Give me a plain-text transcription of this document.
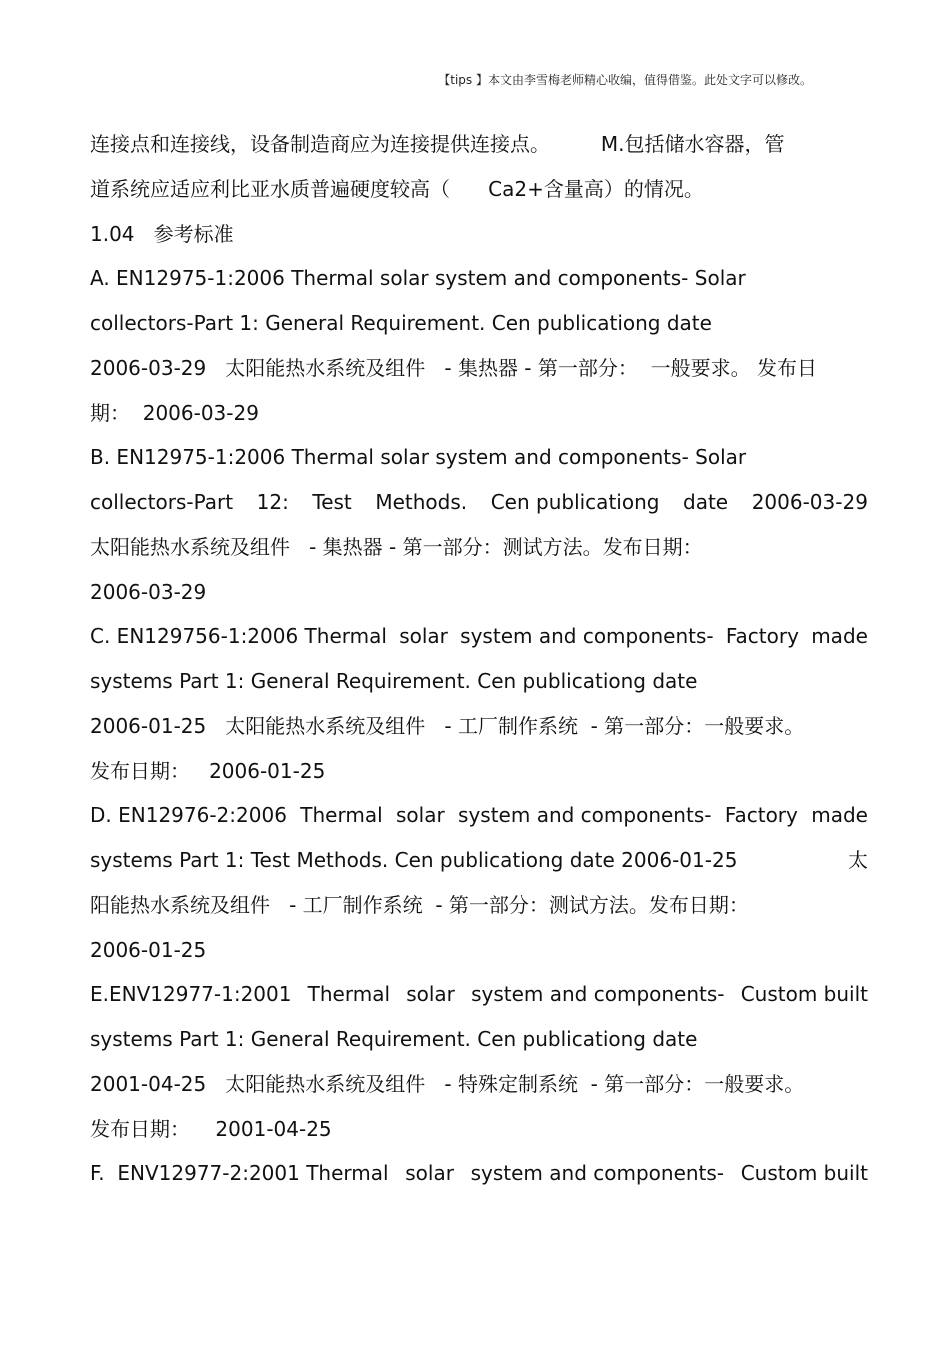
【tips 】本文由李雪梅老师精心收编，值得借鉴。此处文字可以修改。
连接点和连接线，设备制造商应为连接提供连接点。        M.包括储水容器，管
道系统应适应利比亚水质普遍硬度较高（      Ca2+含量高）的情况。
1.04   参考标准
A. EN12975-1:2006 Thermal solar system and components- Solar
collectors-Part 1: General Requirement. Cen publicationg date
2006-03-29   太阳能热水系统及组件   - 集热器 - 第一部分：  一般要求。 发布日
期：  2006-03-29
B. EN12975-1:2006 Thermal solar system and components- Solar
collectors-Part 12: Test Methods. Cen publicationg date 2006-03-29
太阳能热水系统及组件   - 集热器 - 第一部分：测试方法。发布日期：
2006-03-29
C. EN129756-1:2006 Thermal solar system and components- Factory made
systems Part 1: General Requirement. Cen publicationg date
2006-01-25   太阳能热水系统及组件   - 工厂制作系统  - 第一部分：一般要求。
发布日期：   2006-01-25
D. EN12976-2:2006 Thermal solar system and components- Factory made
systems Part 1: Test Methods. Cen publicationg date 2006-01-25	太
阳能热水系统及组件   - 工厂制作系统  - 第一部分：测试方法。发布日期：
2006-01-25
E.ENV12977-1:2001 Thermal solar system and components- Custom built
systems Part 1: General Requirement. Cen publicationg date
2001-04-25   太阳能热水系统及组件   - 特殊定制系统  - 第一部分：一般要求。
发布日期：    2001-04-25
F.  ENV12977-2:2001 Thermal solar system and components- Custom built
